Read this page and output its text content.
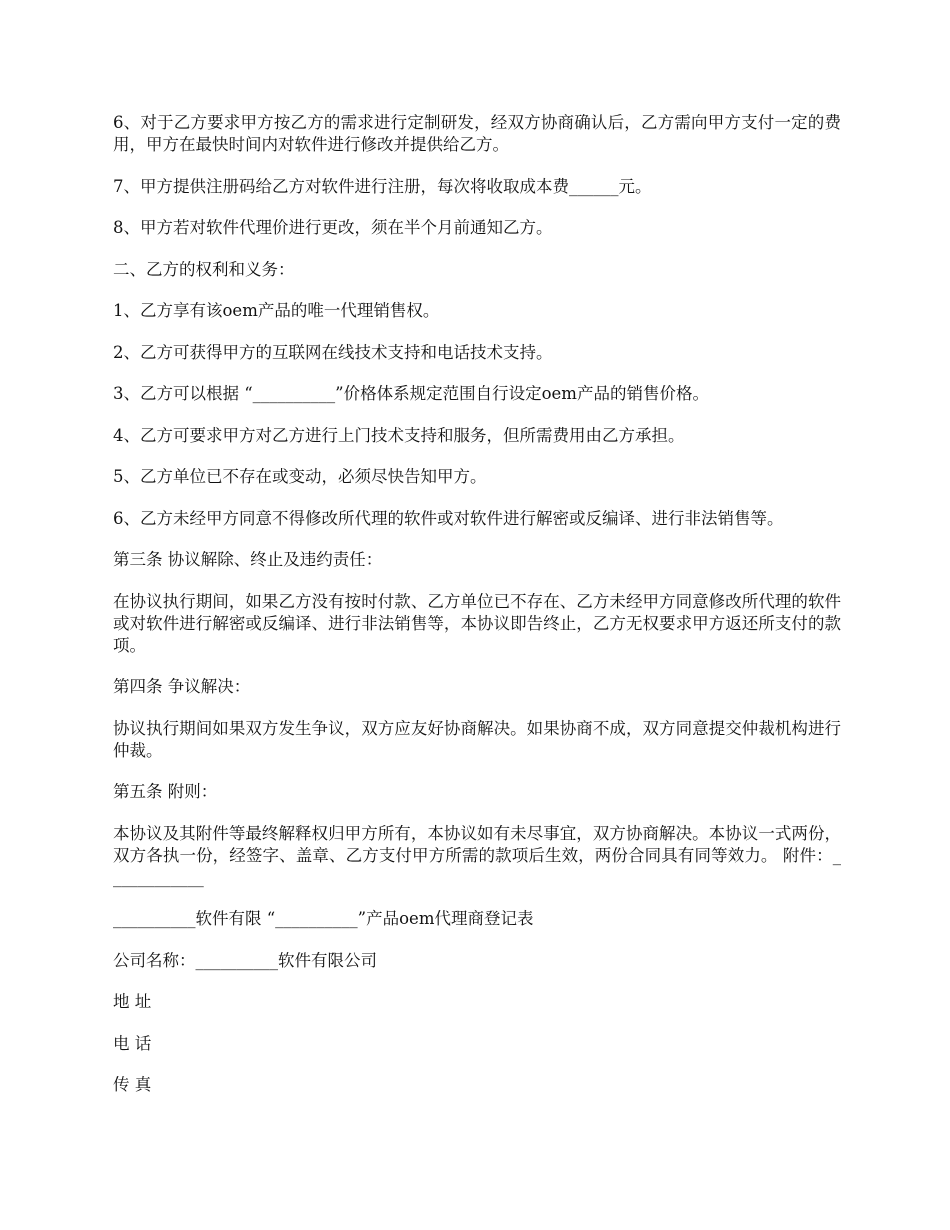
6、对于乙方要求甲方按乙方的需求进行定制研发，经双方协商确认后，乙方需向甲方支付一定的费用，甲方在最快时间内对软件进行修改并提供给乙方。

7、甲方提供注册码给乙方对软件进行注册，每次将收取成本费______元。

8、甲方若对软件代理价进行更改，须在半个月前通知乙方。

二、乙方的权利和义务：

1、乙方享有该oem产品的唯一代理销售权。

2、乙方可获得甲方的互联网在线技术支持和电话技术支持。

3、乙方可以根据 “__________”价格体系规定范围自行设定oem产品的销售价格。

4、乙方可要求甲方对乙方进行上门技术支持和服务，但所需费用由乙方承担。

5、乙方单位已不存在或变动，必须尽快告知甲方。

6、乙方未经甲方同意不得修改所代理的软件或对软件进行解密或反编译、进行非法销售等。

第三条 协议解除、终止及违约责任：

在协议执行期间，如果乙方没有按时付款、乙方单位已不存在、乙方未经甲方同意修改所代理的软件或对软件进行解密或反编译、进行非法销售等，本协议即告终止，乙方无权要求甲方返还所支付的款项。

第四条 争议解决：

协议执行期间如果双方发生争议，双方应友好协商解决。如果协商不成，双方同意提交仲裁机构进行仲裁。

第五条 附则：

本协议及其附件等最终解释权归甲方所有，本协议如有未尽事宜，双方协商解决。本协议一式两份，双方各执一份，经签字、盖章、乙方支付甲方所需的款项后生效，两份合同具有同等效力。 附件：____________

__________软件有限 “__________”产品oem代理商登记表

公司名称：__________软件有限公司

地 址

电 话

传 真
